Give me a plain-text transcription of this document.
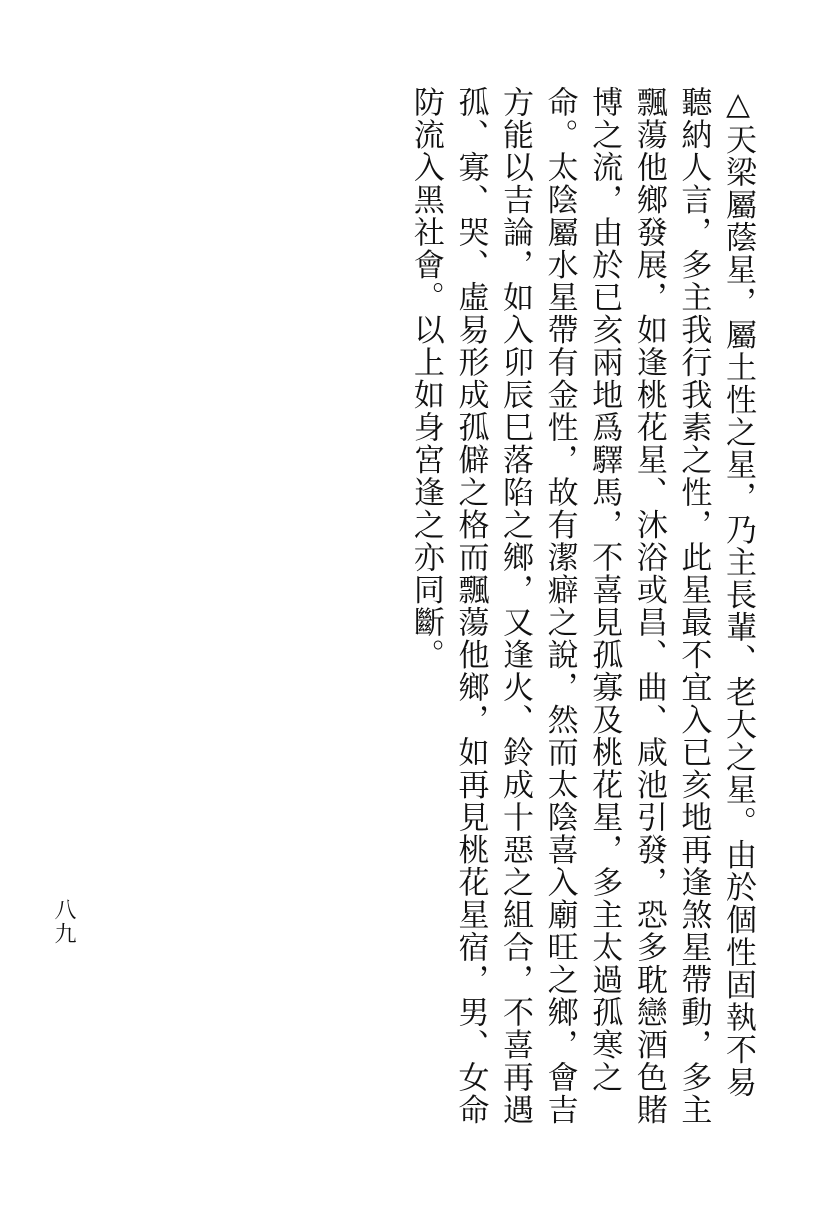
△天梁屬蔭星，屬土性之星，乃主長輩、老大之星。由於個性固執不易聽納人言，多主我行我素之性，此星最不宜入已亥地再逢煞星帶動，多主飄蕩他鄉發展，如逢桃花星、沐浴或昌、曲、咸池引發，恐多耽戀酒色賭博之流，由於已亥兩地爲驛馬，不喜見孤寡及桃花星，多主太過孤寒之命。太陰屬水星帶有金性，故有潔癖之說，然而太陰喜入廟旺之鄉，會吉方能以吉論，如入卯辰巳落陷之鄉，又逢火、鈴成十惡之組合，不喜再遇孤、寡、哭、虛易形成孤僻之格而飄蕩他鄉，如再見桃花星宿，男、女命防流入黑社會。以上如身宮逢之亦同斷。
八九
